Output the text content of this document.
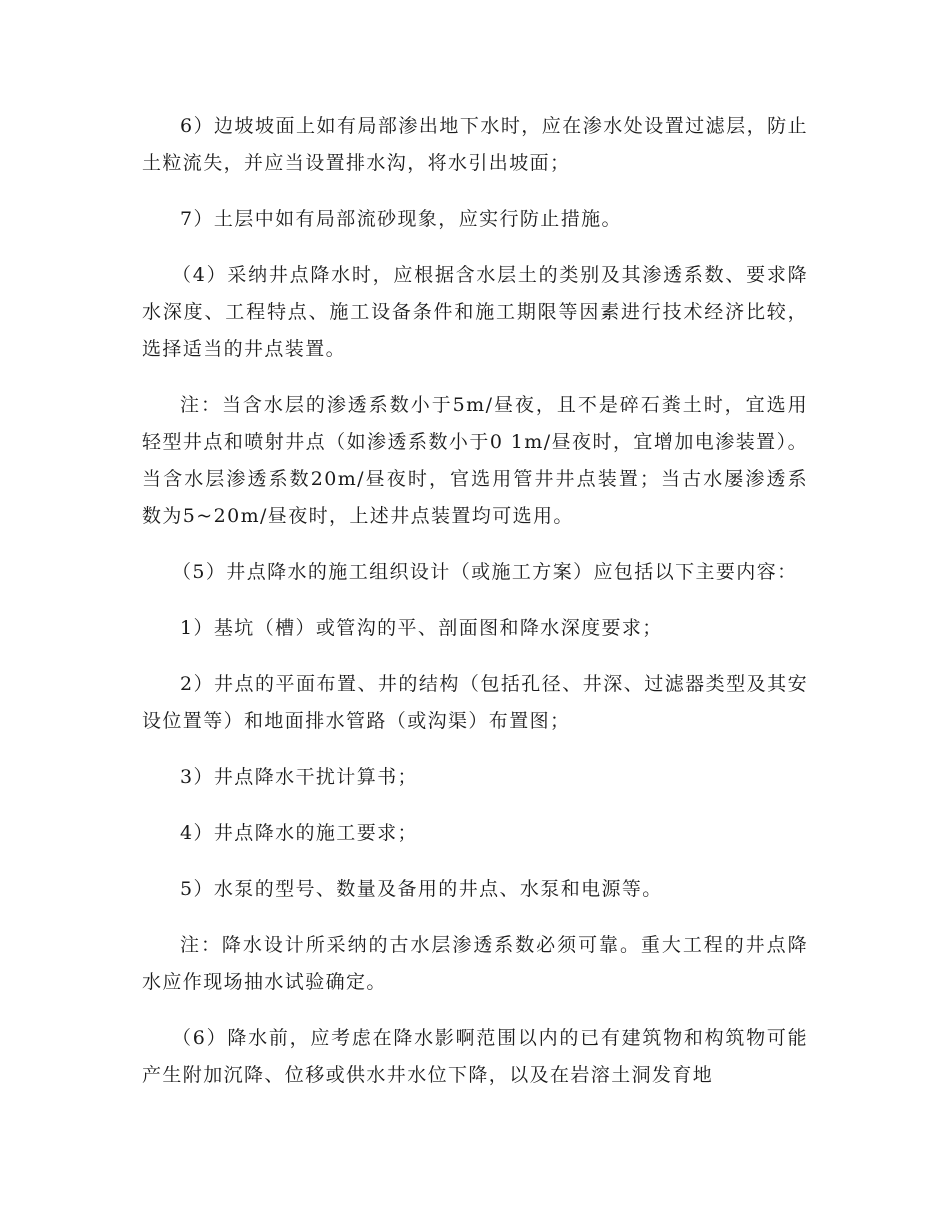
6）边坡坡面上如有局部渗出地下水时，应在渗水处设置过滤层，防止土粒流失，并应当设置排水沟，将水引出坡面；

7）土层中如有局部流砂现象，应实行防止措施。

（4）采纳井点降水时，应根据含水层土的类别及其渗透系数、要求降水深度、工程特点、施工设备条件和施工期限等因素进行技术经济比较，选择适当的井点装置。

注：当含水层的渗透系数小于5m/昼夜，且不是碎石粪土时，宜选用轻型井点和喷射井点（如渗透系数小于0 1m/昼夜时，宜增加电渗装置）。当含水层渗透系数20m/昼夜时，官选用管井井点装置；当古水屡渗透系数为5~20m/昼夜时，上述井点装置均可选用。

（5）井点降水的施工组织设计（或施工方案）应包括以下主要内容：

1）基坑（槽）或管沟的平、剖面图和降水深度要求；

2）井点的平面布置、井的结构（包括孔径、井深、过滤器类型及其安设位置等）和地面排水管路（或沟渠）布置图；

3）井点降水干扰计算书；

4）井点降水的施工要求；

5）水泵的型号、数量及备用的井点、水泵和电源等。

注：降水设计所采纳的古水层渗透系数必须可靠。重大工程的井点降水应作现场抽水试验确定。

（6）降水前，应考虑在降水影啊范围以内的已有建筑物和构筑物可能产生附加沉降、位移或供水井水位下降，以及在岩溶土洞发育地
